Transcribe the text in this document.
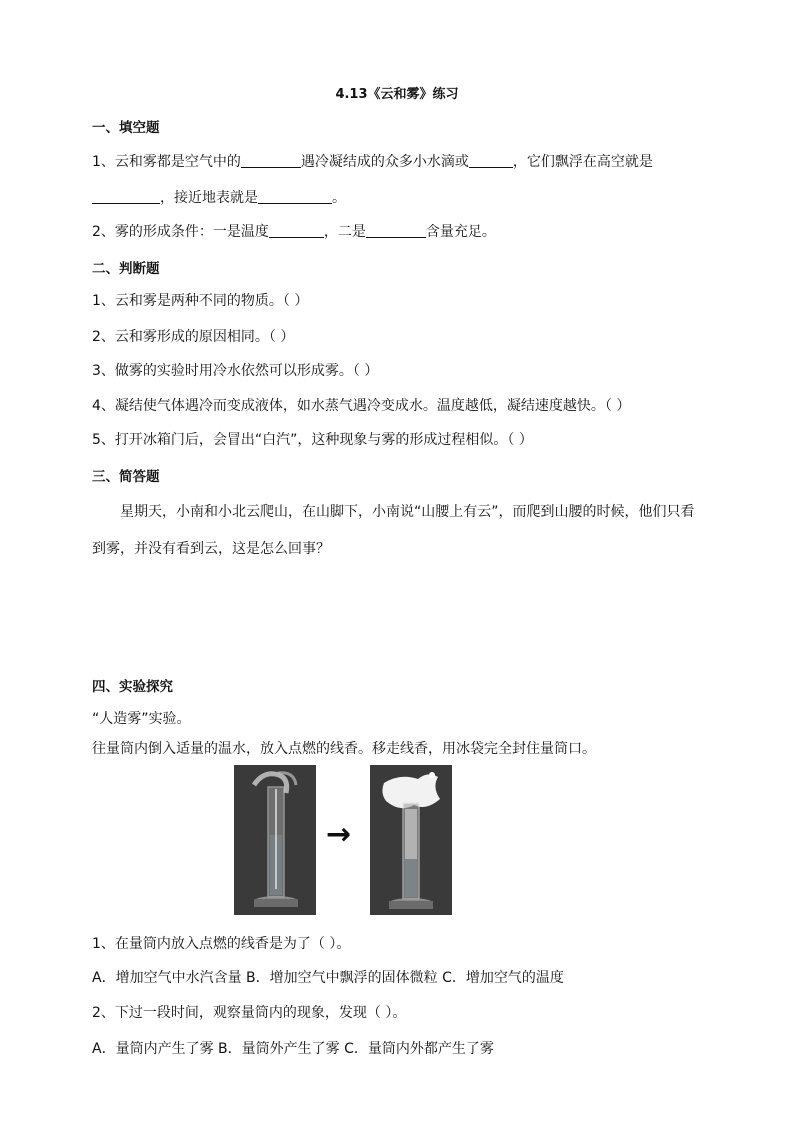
4.13《云和雾》练习
一、填空题
1、云和雾都是空气中的	遇冷凝结成的众多小水滴或	，它们飘浮在高空就是
，接近地表就是	。
2、雾的形成条件：一是温度	，二是	含量充足。
二、判断题
1、云和雾是两种不同的物质。（ ）
2、云和雾形成的原因相同。（ ）
3、做雾的实验时用冷水依然可以形成雾。（ ）
4、凝结使气体遇冷而变成液体，如水蒸气遇冷变成水。温度越低，凝结速度越快。（ ）
5、打开冰箱门后，会冒出“白汽”，这种现象与雾的形成过程相似。（ ）
三、简答题
星期天，小南和小北云爬山，在山脚下，小南说“山腰上有云”，而爬到山腰的时候，他们只看
到雾，并没有看到云，这是怎么回事？
四、实验探究
“人造雾”实验。
往量筒内倒入适量的温水，放入点燃的线香。移走线香，用冰袋完全封住量筒口。
→
1、在量筒内放入点燃的线香是为了（ ）。
A．增加空气中水汽含量 B．增加空气中飘浮的固体微粒 C．增加空气的温度
2、下过一段时间，观察量筒内的现象，发现（ ）。
A．量筒内产生了雾 B．量筒外产生了雾 C．量筒内外都产生了雾
